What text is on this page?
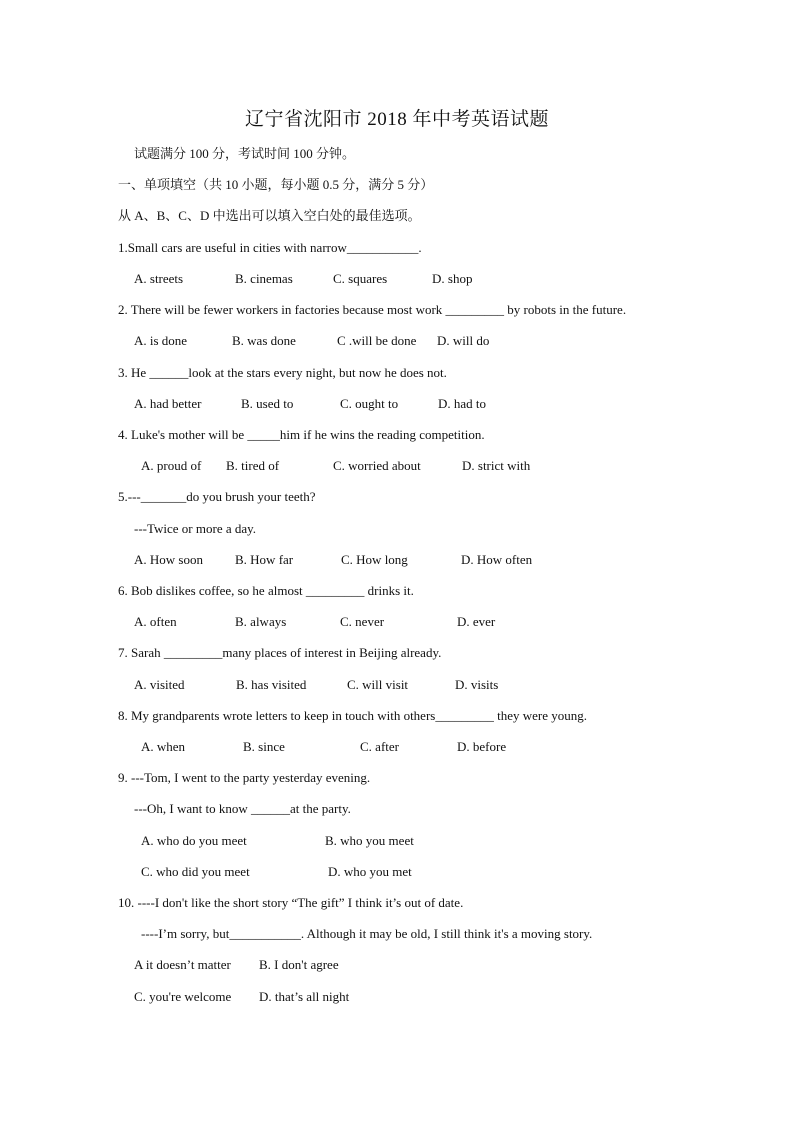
辽宁省沈阳市 2018 年中考英语试题
试题满分 100 分，考试时间 100 分钟。
一、单项填空（共 10 小题，每小题 0.5 分，满分 5 分）
从 A、B、C、D 中选出可以填入空白处的最佳选项。
1.Small cars are useful in cities with narrow___________.
A. streets	B. cinemas	C. squares	D. shop
2. There will be fewer workers in factories because most work _________ by robots in the future.
A. is done	B. was done	C .will be done D. will do
3. He ______look at the stars every night, but now he does not.
A. had better	B. used to	C. ought to	D. had to
4. Luke's mother will be _____him if he wins the reading competition.
A. proud of B. tired of	C. worried about	D. strict with
5.---_______do you brush your teeth?
---Twice or more a day.
A. How soon B. How far	C. How long	D. How often
6. Bob dislikes coffee, so he almost _________ drinks it.
A. often	B. always	C. never	D. ever
7. Sarah _________many places of interest in Beijing already.
A. visited	B. has visited	C. will visit	D. visits
8. My grandparents wrote letters to keep in touch with others_________ they were young.
A. when	B. since	C. after	D. before
9. ---Tom, I went to the party yesterday evening.
---Oh, I want to know ______at the party.
A. who do you meet	B. who you meet
C. who did you meet	D. who you met
10. ----I don't like the short story “The gift” I think it’s out of date.
----I’m sorry, but___________. Although it may be old, I still think it's a moving story.
A it doesn’t matter B. I don't agree
C. you're welcome D. that’s all night
